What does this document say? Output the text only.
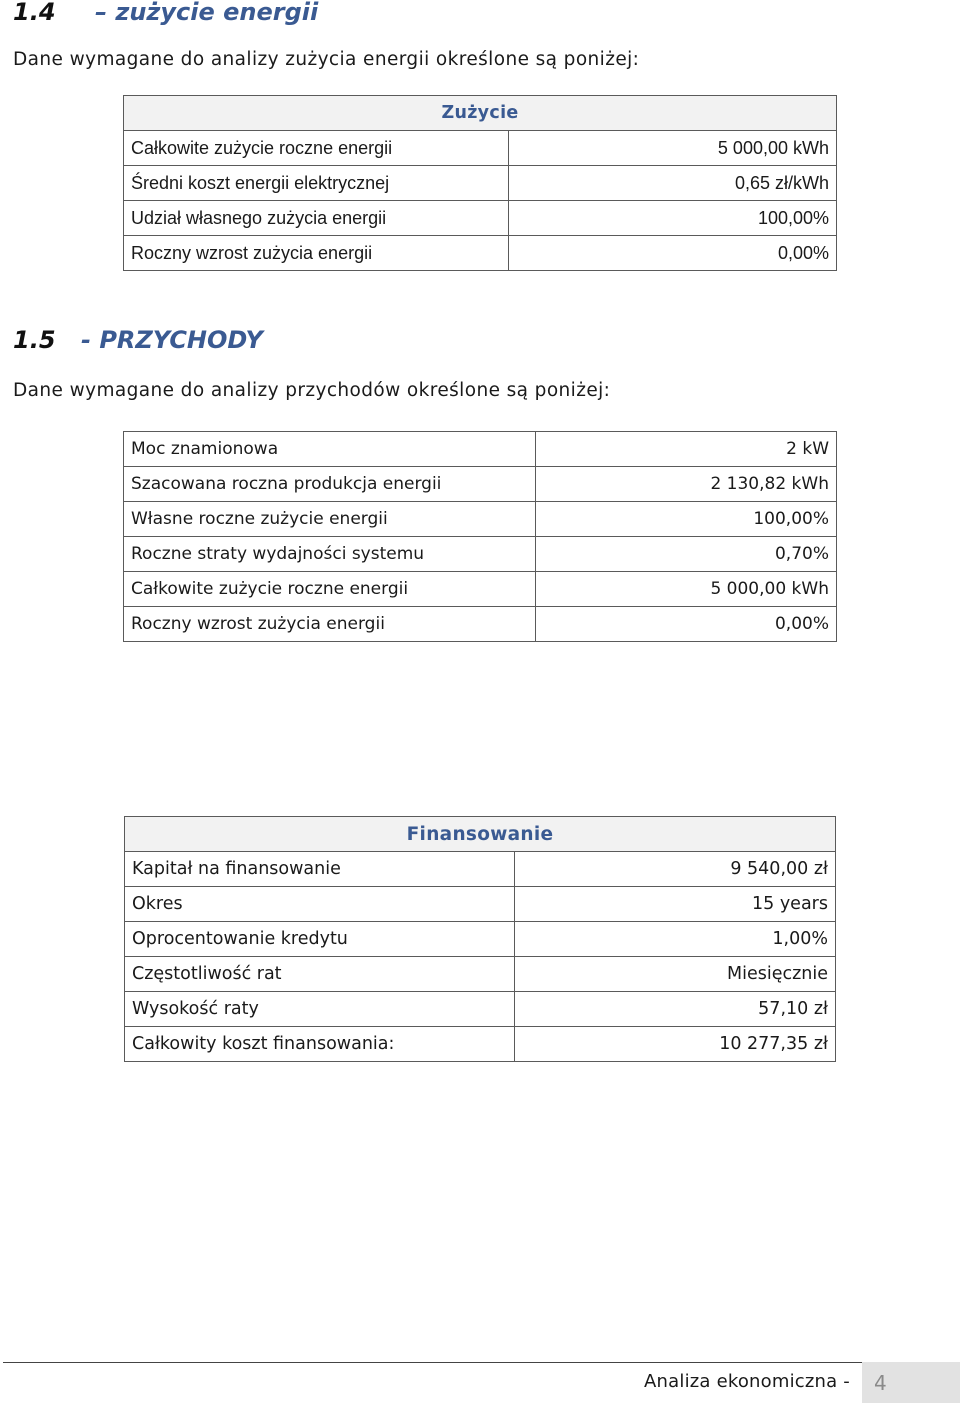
1.4 – zużycie energii

Dane wymagane do analizy zużycia energii określone są poniżej:

Zużycie	
Całkowite zużycie roczne energii	5 000,00 kWh
Średni koszt energii elektrycznej	0,65 zł/kWh
Udział własnego zużycia energii	100,00%
Roczny wzrost zużycia energii	0,00%
1.5 - PRZYCHODY

Dane wymagane do analizy przychodów określone są poniżej:

Moc znamionowa	2 kW
Szacowana roczna produkcja energii	2 130,82 kWh
Własne roczne zużycie energii	100,00%
Roczne straty wydajności systemu	0,70%
Całkowite zużycie roczne energii	5 000,00 kWh
Roczny wzrost zużycia energii	0,00%
Finansowanie	
Kapitał na finansowanie	9 540,00 zł
Okres	15 years
Oprocentowanie kredytu	1,00%
Częstotliwość rat	Miesięcznie
Wysokość raty	57,10 zł
Całkowity koszt finansowania:	10 277,35 zł
Analiza ekonomiczna -	4
